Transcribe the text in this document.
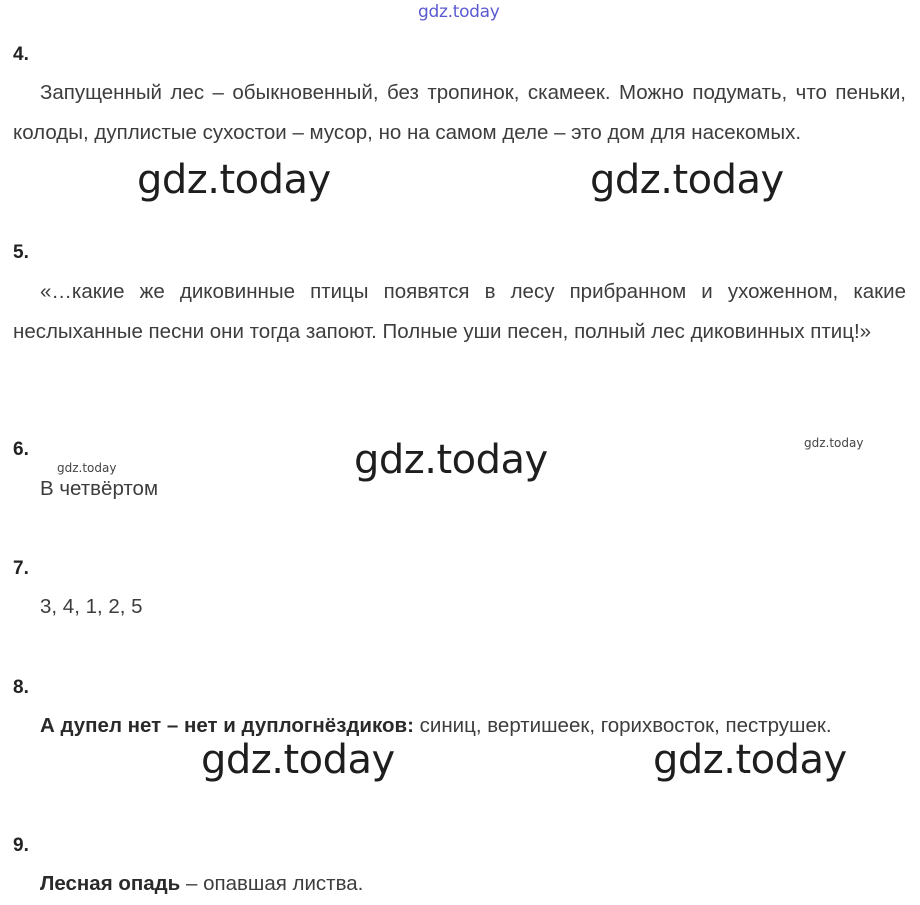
gdz.today
4.
Запущенный лес – обыкновенный, без тропинок, скамеек. Можно подумать, что пеньки, колоды, дуплистые сухостои – мусор, но на самом деле – это дом для насекомых.
5.
«…какие же диковинные птицы появятся в лесу прибранном и ухоженном, какие неслыханные песни они тогда запоют. Полные уши песен, полный лес диковинных птиц!»
6.
В четвёртом
7.
3, 4, 1, 2, 5
8.
А дупел нет – нет и дуплогнёздиков: синиц, вертишеек, горихвосток, пеструшек.
9.
Лесная опадь – опавшая листва.
gdz.today	gdz.today
gdz.today
gdz.today	gdz.today
gdz.today
gdz.today
